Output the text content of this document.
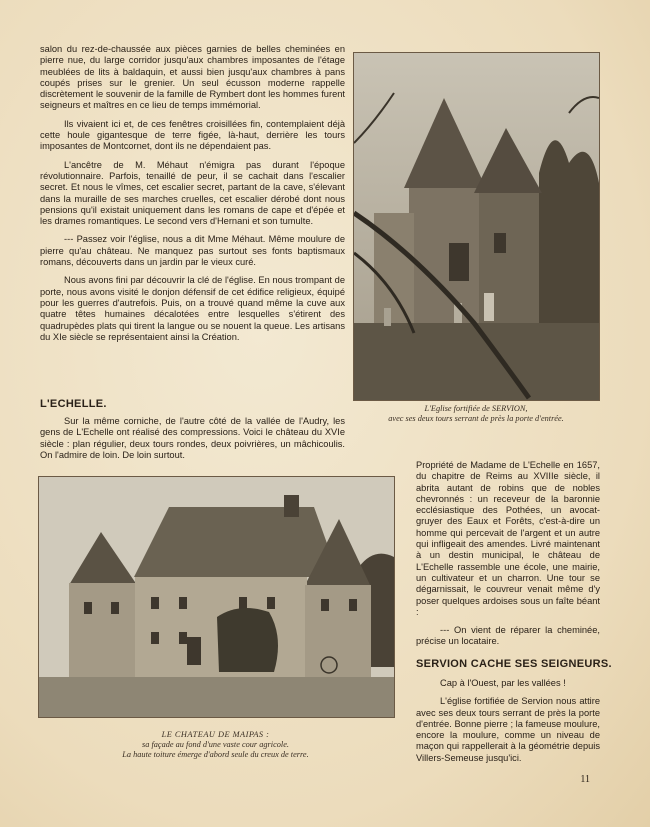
salon du rez-de-chaussée aux pièces garnies de belles cheminées en pierre nue, du large corridor jusqu'aux chambres imposantes de l'étage meublées de lits à baldaquin, et aussi bien jusqu'aux chambres à pans coupés prises sur le grenier. Un seul écusson moderne rappelle discrètement le souvenir de la famille de Rymbert dont les hommes furent seigneurs et maîtres en ce lieu de temps immémorial.

Ils vivaient ici et, de ces fenêtres croisillées fin, contemplaient déjà cette houle gigantesque de terre figée, là-haut, derrière les tours imposantes de Montcornet, dont ils ne dépendaient pas.

L'ancêtre de M. Méhaut n'émigra pas durant l'époque révolutionnaire. Parfois, tenaillé de peur, il se cachait dans l'escalier secret. Et nous le vîmes, cet escalier secret, partant de la cave, s'élevant dans la muraille de ses marches cruelles, cet escalier dérobé dont nous pensions qu'il existait uniquement dans les romans de cape et d'épée et les drames romantiques. Le second vers d'Hernani et son tumulte.

--- Passez voir l'église, nous a dit Mme Méhaut. Même moulure de pierre qu'au château. Ne manquez pas surtout ses fonts baptismaux romans, découverts dans un jardin par le vieux curé.

Nous avons fini par découvrir la clé de l'église. En nous trompant de porte, nous avons visité le donjon défensif de cet édifice religieux, équipé pour les guerres d'autrefois. Puis, on a trouvé quand même la cuve aux quatre têtes humaines décalotées entre lesquelles s'étirent des quadrupèdes plats qui tirent la langue ou se nouent la queue. Les artisans du XIe siècle se représentaient ainsi la Création.

L'ECHELLE.

Sur la même corniche, de l'autre côté de la vallée de l'Audry, les gens de L'Echelle ont réalisé des compressions. Voici le château du XVIe siècle : plan régulier, deux tours rondes, deux poivrières, un mâchicoulis. On l'admire de loin. De loin surtout.

L'Eglise fortifiée de SERVION,
avec ses deux tours serrant de près la porte d'entrée.
LE CHATEAU DE MAIPAS :
sa façade au fond d'une vaste cour agricole.
La haute toiture émerge d'abord seule du creux de terre.

Propriété de Madame de L'Echelle en 1657, du chapitre de Reims au XVIIIe siècle, il abrita autant de robins que de nobles chevronnés : un receveur de la baronnie ecclésiastique des Pothées, un avocat-gruyer des Eaux et Forêts, c'est-à-dire un homme qui percevait de l'argent et un autre qui infligeait des amendes. Livré maintenant à un destin municipal, le château de L'Echelle rassemble une école, une mairie, un cultivateur et un charron. Une tour se dégarnissait, le couvreur venait même d'y poser quelques ardoises sous un faîte béant :

--- On vient de réparer la cheminée, précise un locataire.

SERVION CACHE SES SEIGNEURS.

Cap à l'Ouest, par les vallées !

L'église fortifiée de Servion nous attire avec ses deux tours serrant de près la porte d'entrée. Bonne pierre ; la fameuse moulure, encore la moulure, comme un niveau de maçon qui rappellerait à la géométrie depuis Villers-Semeuse jusqu'ici.

11
